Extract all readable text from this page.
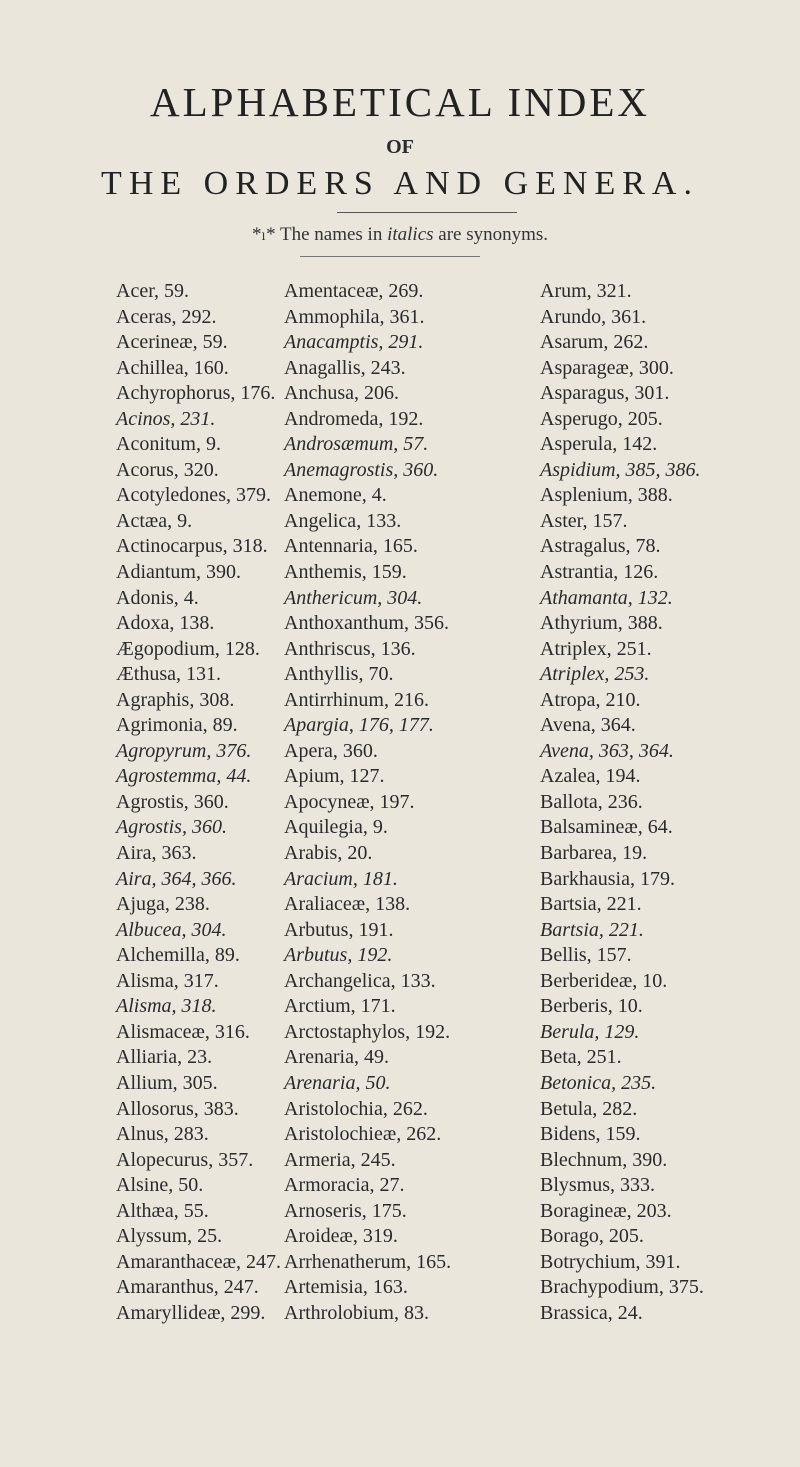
ALPHABETICAL INDEX
OF
THE ORDERS AND GENERA.
*ₗ* The names in italics are synonyms.
Acer, 59.
Aceras, 292.
Acerineæ, 59.
Achillea, 160.
Achyrophorus, 176.
Acinos, 231.
Aconitum, 9.
Acorus, 320.
Acotyledones, 379.
Actæa, 9.
Actinocarpus, 318.
Adiantum, 390.
Adonis, 4.
Adoxa, 138.
Ægopodium, 128.
Æthusa, 131.
Agraphis, 308.
Agrimonia, 89.
Agropyrum, 376.
Agrostemma, 44.
Agrostis, 360.
Agrostis, 360.
Aira, 363.
Aira, 364, 366.
Ajuga, 238.
Albucea, 304.
Alchemilla, 89.
Alisma, 317.
Alisma, 318.
Alismaceæ, 316.
Alliaria, 23.
Allium, 305.
Allosorus, 383.
Alnus, 283.
Alopecurus, 357.
Alsine, 50.
Althæa, 55.
Alyssum, 25.
Amaranthaceæ, 247.
Amaranthus, 247.
Amaryllideæ, 299.
Amentaceæ, 269.
Ammophila, 361.
Anacamptis, 291.
Anagallis, 243.
Anchusa, 206.
Andromeda, 192.
Androsæmum, 57.
Anemagrostis, 360.
Anemone, 4.
Angelica, 133.
Antennaria, 165.
Anthemis, 159.
Anthericum, 304.
Anthoxanthum, 356.
Anthriscus, 136.
Anthyllis, 70.
Antirrhinum, 216.
Apargia, 176, 177.
Apera, 360.
Apium, 127.
Apocyneæ, 197.
Aquilegia, 9.
Arabis, 20.
Aracium, 181.
Araliaceæ, 138.
Arbutus, 191.
Arbutus, 192.
Archangelica, 133.
Arctium, 171.
Arctostaphylos, 192.
Arenaria, 49.
Arenaria, 50.
Aristolochia, 262.
Aristolochieæ, 262.
Armeria, 245.
Armoracia, 27.
Arnoseris, 175.
Aroideæ, 319.
Arrhenatherum, 165.
Artemisia, 163.
Arthrolobium, 83.
Arum, 321.
Arundo, 361.
Asarum, 262.
Asparageæ, 300.
Asparagus, 301.
Asperugo, 205.
Asperula, 142.
Aspidium, 385, 386.
Asplenium, 388.
Aster, 157.
Astragalus, 78.
Astrantia, 126.
Athamanta, 132.
Athyrium, 388.
Atriplex, 251.
Atriplex, 253.
Atropa, 210.
Avena, 364.
Avena, 363, 364.
Azalea, 194.
Ballota, 236.
Balsamineæ, 64.
Barbarea, 19.
Barkhausia, 179.
Bartsia, 221.
Bartsia, 221.
Bellis, 157.
Berberideæ, 10.
Berberis, 10.
Berula, 129.
Beta, 251.
Betonica, 235.
Betula, 282.
Bidens, 159.
Blechnum, 390.
Blysmus, 333.
Boragineæ, 203.
Borago, 205.
Botrychium, 391.
Brachypodium, 375.
Brassica, 24.
